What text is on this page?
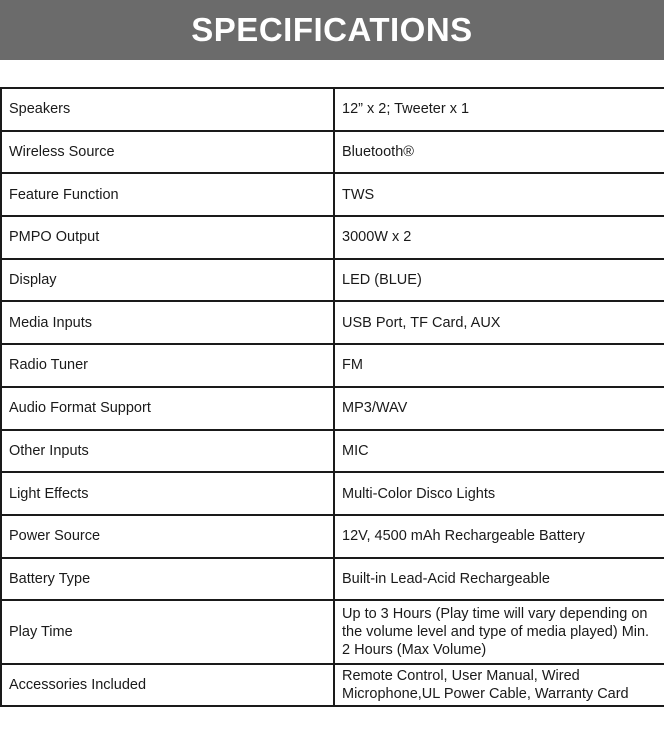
SPECIFICATIONS
Speakers	12” x 2; Tweeter x 1
Wireless Source	Bluetooth®
Feature Function	TWS
PMPO Output	3000W x 2
Display	LED (BLUE)
Media Inputs	USB Port, TF Card, AUX
Radio Tuner	FM
Audio Format Support	MP3/WAV
Other Inputs	MIC
Light Effects	Multi-Color Disco Lights
Power Source	12V, 4500 mAh Rechargeable Battery
Battery Type	Built-in Lead-Acid Rechargeable
Play Time	Up to 3 Hours (Play time will vary depending on the volume level and type of media played) Min. 2 Hours (Max Volume)
Accessories Included	Remote Control, User Manual, Wired Microphone,UL Power Cable, Warranty Card
